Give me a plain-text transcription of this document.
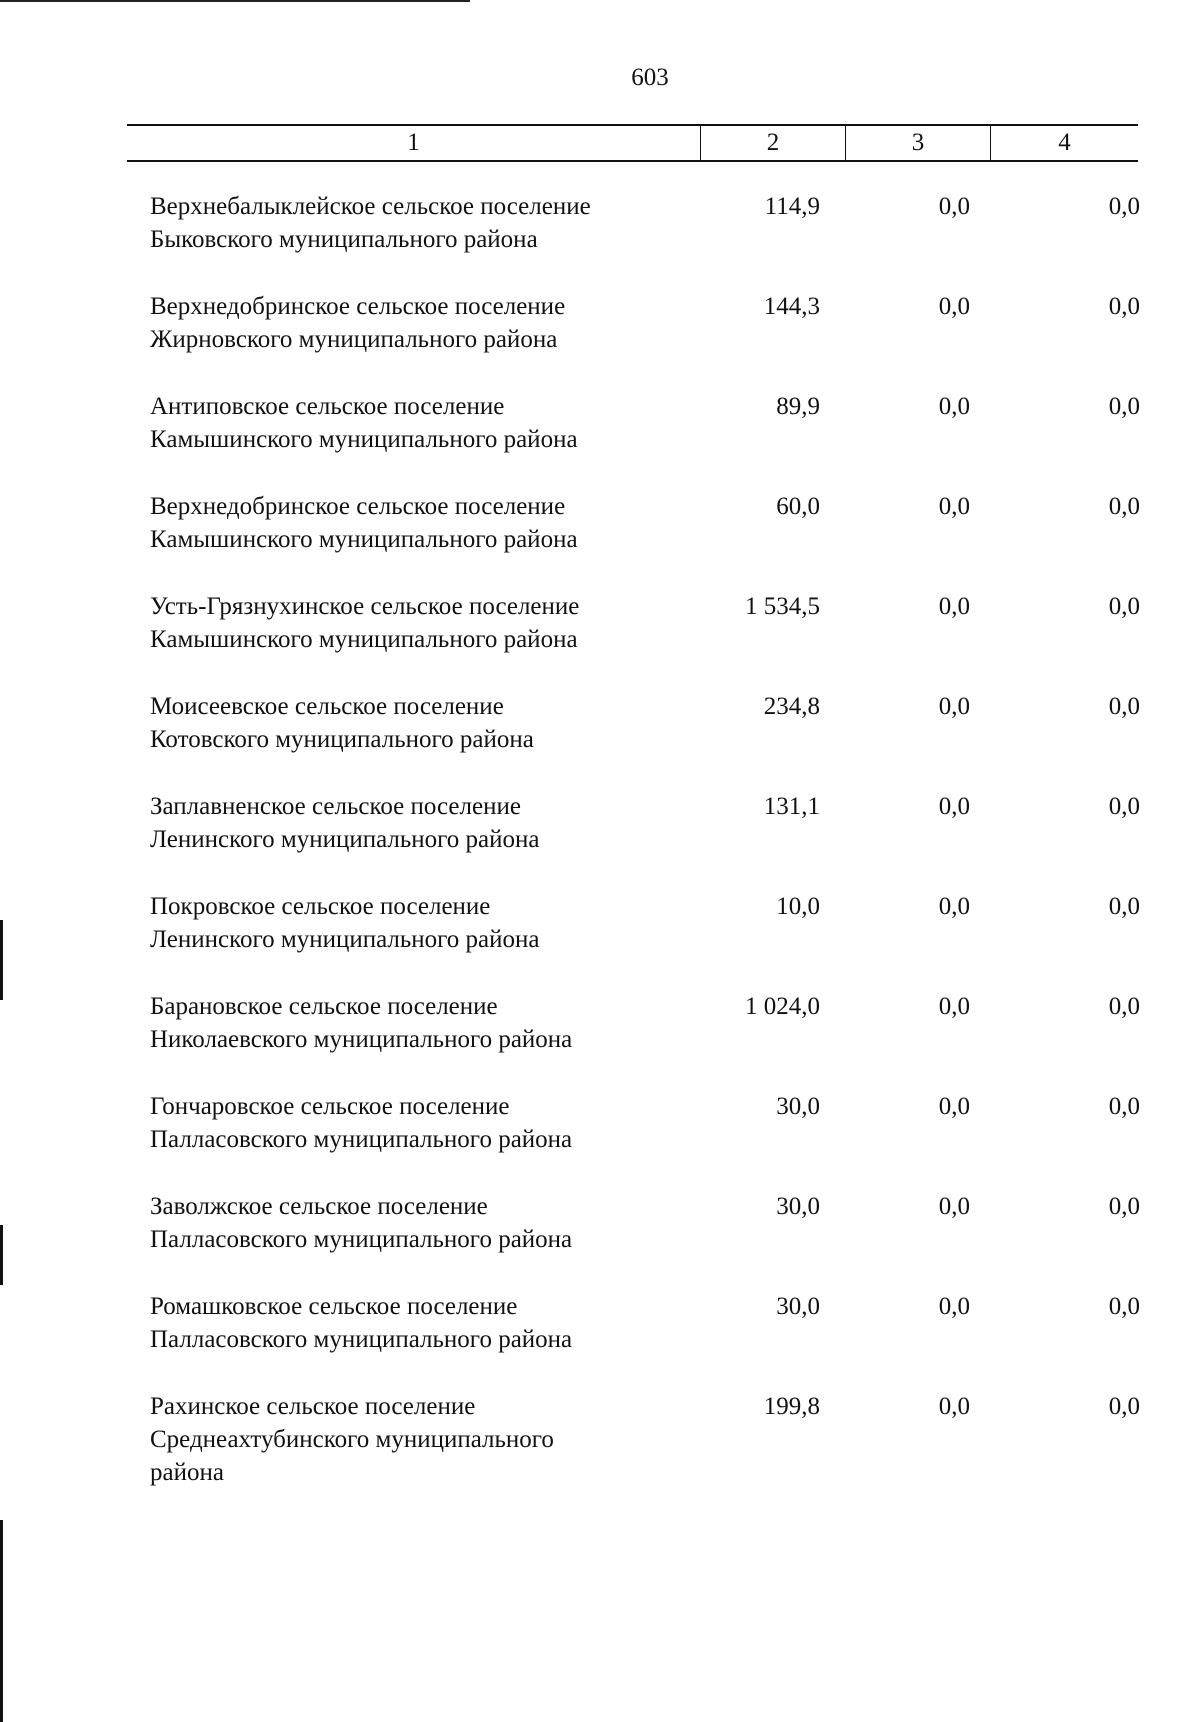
603
1	2	3	4
Верхнебалыклейское сельское поселение
Быковского муниципального района
114,9	0,0	0,0
Верхнедобринское сельское поселение
Жирновского муниципального района
144,3	0,0	0,0
Антиповское сельское поселение
Камышинского муниципального района
89,9	0,0	0,0
Верхнедобринское сельское поселение
Камышинского муниципального района
60,0	0,0	0,0
Усть-Грязнухинское сельское поселение
Камышинского муниципального района
1 534,5	0,0	0,0
Моисеевское сельское поселение
Котовского муниципального района
234,8	0,0	0,0
Заплавненское сельское поселение
Ленинского муниципального района
131,1	0,0	0,0
Покровское сельское поселение
Ленинского муниципального района
10,0	0,0	0,0
Барановское сельское поселение
Николаевского муниципального района
1 024,0	0,0	0,0
Гончаровское сельское поселение
Палласовского муниципального района
30,0	0,0	0,0
Заволжское сельское поселение
Палласовского муниципального района
30,0	0,0	0,0
Ромашковское сельское поселение
Палласовского муниципального района
30,0	0,0	0,0
Рахинское сельское поселение
Среднеахтубинского муниципального
района
199,8	0,0	0,0
